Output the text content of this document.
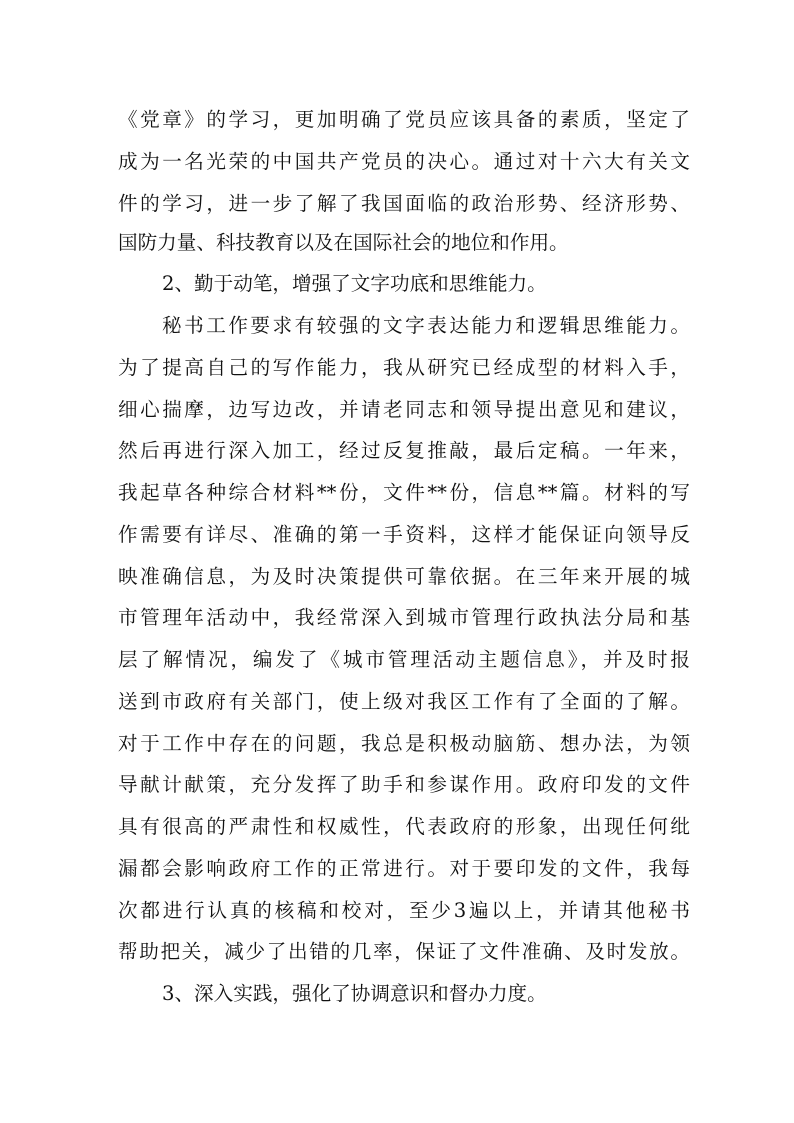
《党章》的学习，更加明确了党员应该具备的素质，坚定了
成为一名光荣的中国共产党员的决心。通过对十六大有关文
件的学习，进一步了解了我国面临的政治形势、经济形势、
国防力量、科技教育以及在国际社会的地位和作用。
2、勤于动笔，增强了文字功底和思维能力。
秘书工作要求有较强的文字表达能力和逻辑思维能力。
为了提高自己的写作能力，我从研究已经成型的材料入手，
细心揣摩，边写边改，并请老同志和领导提出意见和建议，
然后再进行深入加工，经过反复推敲，最后定稿。一年来，
我起草各种综合材料**份，文件**份，信息**篇。材料的写
作需要有详尽、准确的第一手资料，这样才能保证向领导反
映准确信息，为及时决策提供可靠依据。在三年来开展的城
市管理年活动中，我经常深入到城市管理行政执法分局和基
层了解情况，编发了《城市管理活动主题信息》，并及时报
送到市政府有关部门，使上级对我区工作有了全面的了解。
对于工作中存在的问题，我总是积极动脑筋、想办法，为领
导献计献策，充分发挥了助手和参谋作用。政府印发的文件
具有很高的严肃性和权威性，代表政府的形象，出现任何纰
漏都会影响政府工作的正常进行。对于要印发的文件，我每
次都进行认真的核稿和校对，至少3遍以上，并请其他秘书
帮助把关，减少了出错的几率，保证了文件准确、及时发放。
3、深入实践，强化了协调意识和督办力度。
